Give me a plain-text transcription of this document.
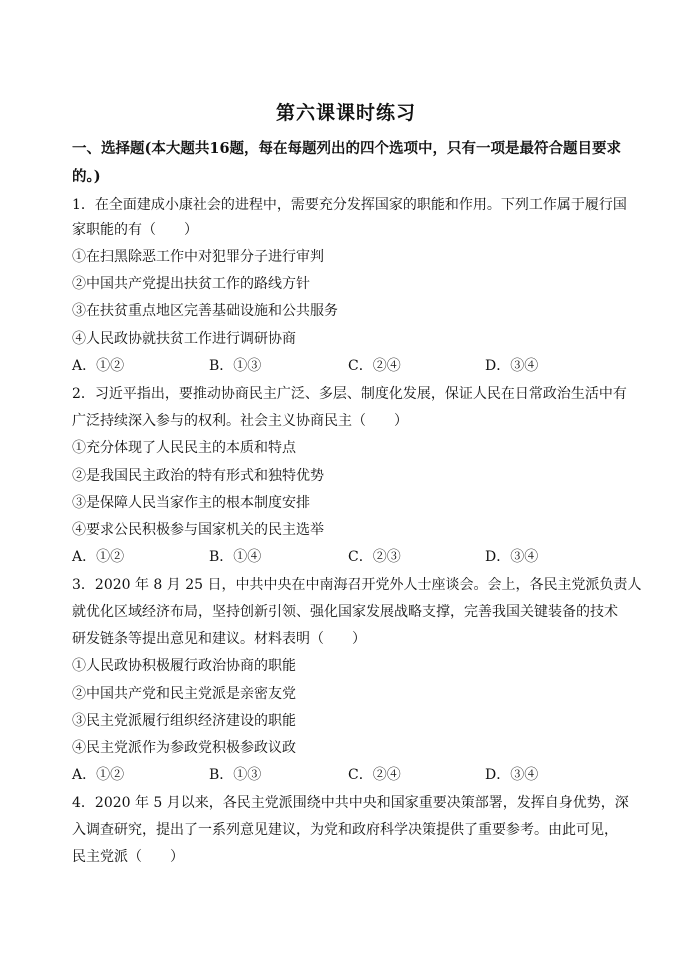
第六课课时练习
一、选择题(本大题共16题，每在每题列出的四个选项中，只有一项是最符合题目要求
的。)
1．在全面建成小康社会的进程中，需要充分发挥国家的职能和作用。下列工作属于履行国
家职能的有（　　）
①在扫黑除恶工作中对犯罪分子进行审判
②中国共产党提出扶贫工作的路线方针
③在扶贫重点地区完善基础设施和公共服务
④人民政协就扶贫工作进行调研协商
A．①②	B．①③	C．②④	D．③④
2．习近平指出，要推动协商民主广泛、多层、制度化发展，保证人民在日常政治生活中有
广泛持续深入参与的权利。社会主义协商民主（　　）
①充分体现了人民民主的本质和特点
②是我国民主政治的特有形式和独特优势
③是保障人民当家作主的根本制度安排
④要求公民积极参与国家机关的民主选举
A．①②	B．①④	C．②③	D．③④
3．2020 年 8 月 25 日，中共中央在中南海召开党外人士座谈会。会上，各民主党派负责人
就优化区域经济布局，坚持创新引领、强化国家发展战略支撑，完善我国关键装备的技术
研发链条等提出意见和建议。材料表明（　　）
①人民政协积极履行政治协商的职能
②中国共产党和民主党派是亲密友党
③民主党派履行组织经济建设的职能
④民主党派作为参政党积极参政议政
A．①②	B．①③	C．②④	D．③④
4．2020 年 5 月以来，各民主党派围绕中共中央和国家重要决策部署，发挥自身优势，深
入调查研究，提出了一系列意见建议，为党和政府科学决策提供了重要参考。由此可见，
民主党派（　　）
